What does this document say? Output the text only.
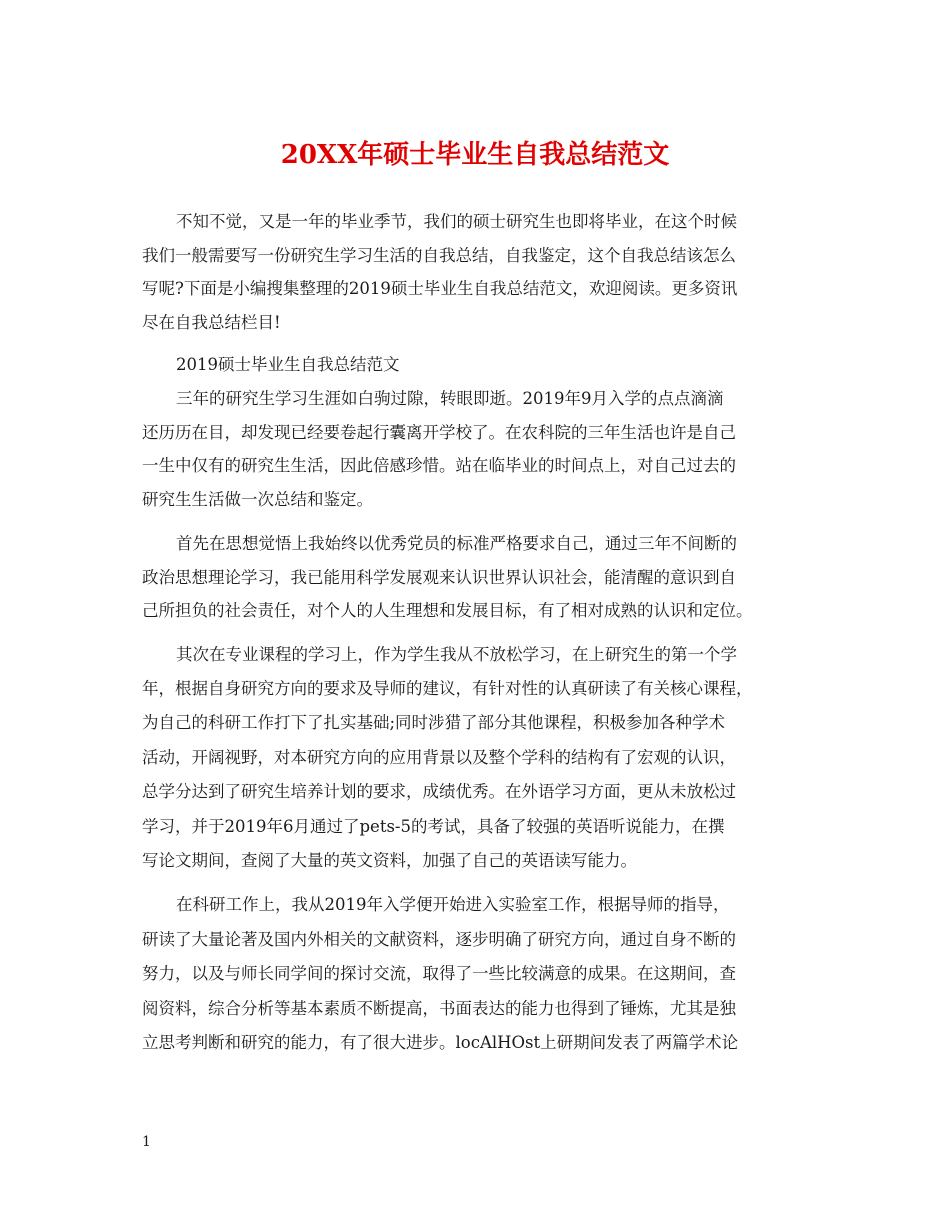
20XX年硕士毕业生自我总结范文
不知不觉，又是一年的毕业季节，我们的硕士研究生也即将毕业，在这个时候
我们一般需要写一份研究生学习生活的自我总结，自我鉴定，这个自我总结该怎么
写呢?下面是小编搜集整理的2019硕士毕业生自我总结范文，欢迎阅读。更多资讯
尽在自我总结栏目!
2019硕士毕业生自我总结范文
三年的研究生学习生涯如白驹过隙，转眼即逝。2019年9月入学的点点滴滴
还历历在目，却发现已经要卷起行囊离开学校了。在农科院的三年生活也许是自己
一生中仅有的研究生生活，因此倍感珍惜。站在临毕业的时间点上，对自己过去的
研究生生活做一次总结和鉴定。
首先在思想觉悟上我始终以优秀党员的标准严格要求自己，通过三年不间断的
政治思想理论学习，我已能用科学发展观来认识世界认识社会，能清醒的意识到自
己所担负的社会责任，对个人的人生理想和发展目标，有了相对成熟的认识和定位。
其次在专业课程的学习上，作为学生我从不放松学习，在上研究生的第一个学
年，根据自身研究方向的要求及导师的建议，有针对性的认真研读了有关核心课程，
为自己的科研工作打下了扎实基础;同时涉猎了部分其他课程，积极参加各种学术
活动，开阔视野，对本研究方向的应用背景以及整个学科的结构有了宏观的认识，
总学分达到了研究生培养计划的要求，成绩优秀。在外语学习方面，更从未放松过
学习，并于2019年6月通过了pets-5的考试，具备了较强的英语听说能力，在撰
写论文期间，查阅了大量的英文资料，加强了自己的英语读写能力。
在科研工作上，我从2019年入学便开始进入实验室工作，根据导师的指导，
研读了大量论著及国内外相关的文献资料，逐步明确了研究方向，通过自身不断的
努力，以及与师长同学间的探讨交流，取得了一些比较满意的成果。在这期间，查
阅资料，综合分析等基本素质不断提高，书面表达的能力也得到了锤炼，尤其是独
立思考判断和研究的能力，有了很大进步。locAlHOst上研期间发表了两篇学术论
1
